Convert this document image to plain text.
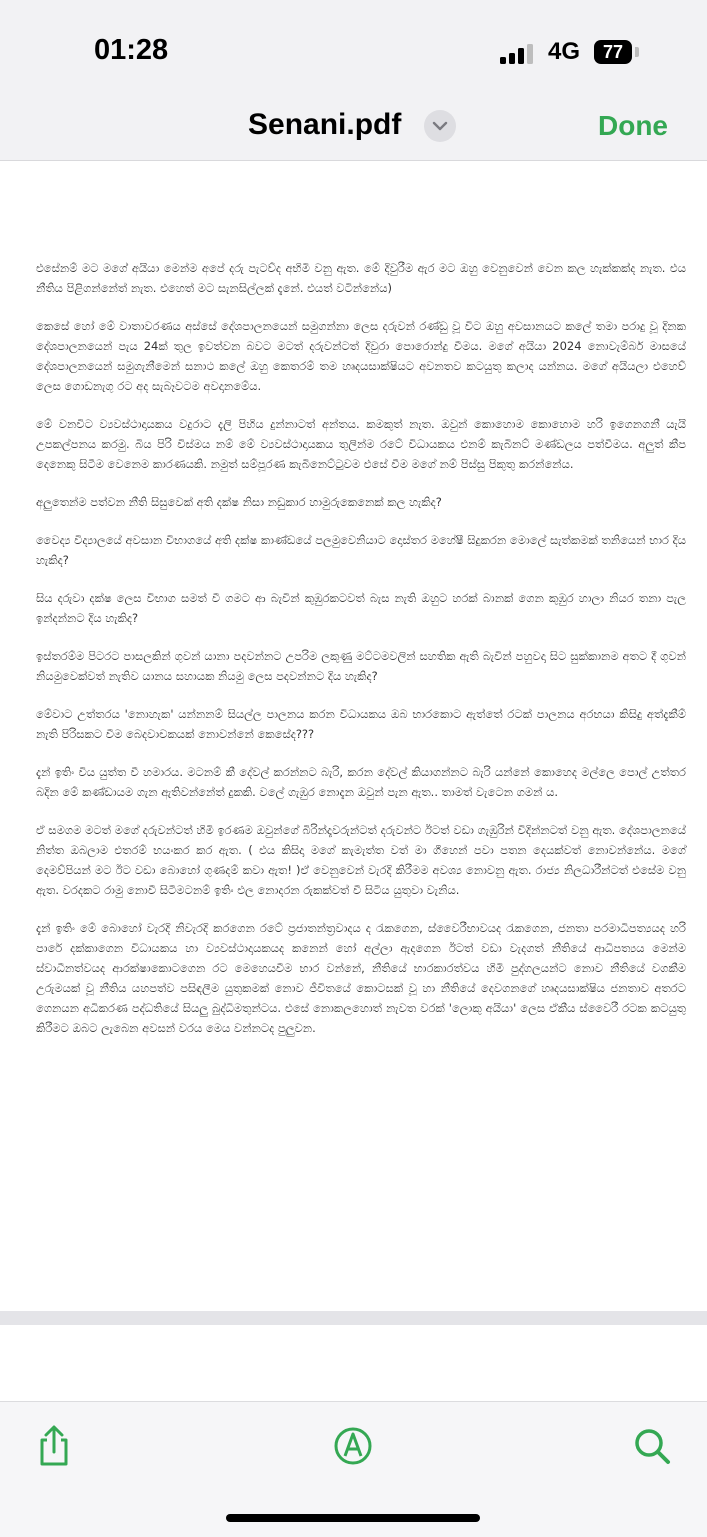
01:28	4G	77
Senani.pdf	Done

එසේනම් මට මගේ අයියා මෙන්ම අපේ දරු පැටව්ද අභිමි වනු ඇත. මේ දිවුරීම ඇර මට ඔහු වෙනුවෙන් වෙන කල හැක්කක්ද නැත. එය නීතිය පිළිගන්නේත් නැත. එහෙත් මට සැනසිල්ලක් දැනේ. එයත් වටින්නේය)

කෙසේ හෝ මේ වාතාවරණය අස්සේ දේශපාලනයෙන් සමුගන්නා ලෙස දරුවන් රණ්ඩු වූ විට ඔහු අවසානයට කලේ තමා පරාදු වූ දිනක දේශපාලනයෙන් පැය 24ක් තුල ඉවත්වන බවට මටත් දරුවන්ටත් දිවුරා පොරොන්දු වීමය. මගේ අයියා 2024 නොවැම්බර් මාසයේ දේශපාලනයෙන් සමුගැනීමෙන් සනාථ කලේ ඔහු කෙතරම් තම හෘදයසාක්ෂියට අවනතව කටයුතු කලාද යන්නය. මගේ අයියලා එහෙව් ලෙස ගොඩනැගු රට අද සැබෑවටම අවදානමේය.

මේ වනවිට ව්‍යවස්ථාදායකය වදුරාට දැලි පිහිය දුන්නාටත් අන්තය. කමකුත් නැත. ඔවුන් කොහොම කොහොම හරි ඉගෙනගනී යැයි උපකල්පනය කරමු. බිය පිරි විස්මය නම් මේ ව්‍යවස්ථාදායකය තුලින්ම රටේ විධායකය එනම් කැබිනට් මණ්ඩලය පත්වීමය. අලුත් කීප දෙනෙකු සිටීම වෙනෙම කාරණයකි. නමුත් සම්පූරණ කැබිනෙට්ටුවම එසේ වීම මගේ නම් පිස්සු පිකුතු කරන්නේය.

අලුතෙන්ම පත්වන නීති සිසුවෙක් අති දක්ෂ නිසා නඩුකාර හාමුරුකෙනෙක් කල හැකිද?

වෛද්‍ය විද්‍යාලයේ අවසාන විභාගයේ අති දක්ෂ කාණ්ඩයේ පලමුවෙනියාට දොස්තර මහේෂී සිදුකරන මොලේ සැත්කමක් තනියෙන් භාර දිය හැකිද?

සිය දරුවා දක්ෂ ලෙස විභාග සමත් වී ගමට ආ බැවින් කුඹුරකටවත් බැස නැති ඔහුට හරක් බානක් ගෙන කුඹුර හාලා නියර තනා පැල ඉන්දන්නට දිය හැකිද?

ඉස්තරම්ම පිටරට පාසලකින් ගුවන් යානා පදවන්නට උපරිම ලකුණු මට්ටමවලින් සහතික ඇති බැවින් පහුවදා සිට සුක්කානම අතට දී ගුවන් නියමුවෙක්වත් නැතිව යානය සහායක නියමු ලෙස පදවන්නට දිය හැකිද?

මේවාට උත්තරය 'නොහැක' යන්නනම් සියල්ල පාලනය කරන විධායකය ඔබ භාරකොට ඇත්තේ රටක් පාලනය අරභයා කිසිදු අත්දැකීම් නැති පිරිසකට වීම බෙදවාචකයක් නොවන්නේ කෙසේද???

දැන් ඉතිං විය යුත්ත වී හමාරය. මටනම් කී දේවල් කරන්නට බැරි, කරන දේවල් කියාගන්නට බැරි යන්නේ කොහෙද මල්ලෙ පොල් උත්තර බදින මේ කණ්ඩායම ගැන ඇතිවන්නේත් දුකකි. වලේ ගැඹුර නොදැන ඔවුන් පැන ඇත.. තාමත් වැටෙන ගමන් ය.

ඒ සමගම මටත් මගේ දරුවන්ටත් හිමි ඉරණම ඔවුන්ගේ බිරින්දෑවරුන්ටත් දරුවන්ට ඊටත් වඩා ගැඹුරින් විදින්නටත් වනු ඇත. දේශපාලනයේ නිත්ත ඔබලාම එතරම් භයංකර කර ඇත. ( එය කිසිදා මගේ කැමැත්ත වත් මා ගීහෙන් පවා පතන දෙයක්වත් නොවන්නේය. මගේ දෙමව්පියන් මට ඊට වඩා බොහෝ ගුණදම් කවා ඇත! )ඒ වෙනුවෙන් වැරදි කිරීමම අවශ්‍ය නොවනු ඇත. රාජ්‍ය නිලධාරීන්ටත් එසේම වනු ඇත. වරදකට රාමු නොවී සිටීමටනම් ඉතිං එල නොදරන රුකක්වත් වී සිටිය යුතුවා වැනිය.

දැන් ඉතිං මේ බොහෝ වැරදි නිවැරදි කරගෙන රටේ ප්‍රජාතන්ත්‍රවාදය ද රැකගෙන, ස්වෛරීභාවයද රැකගෙන, ජනතා පරමාධිපත්‍යයද හරි පාරේ දක්කාගෙන විධායකය හා ව්‍යවස්ථාදායකයද කනෙන් හෝ අල්ලා ඇදගෙන ඊටත් වඩා වැදගත් නීතියේ ආධිපත්‍යය මෙන්ම ස්වාධීනත්වයද ආරක්ෂාකොටගෙන රට මෙහෙයවීම භාර වන්නේ, නීතියේ භාරකාරත්වය හිමි පුද්ගලයන්ට නොව නීතියේ වගකීම උරුමයක් වූ නීතිය යහපත්ව පසිඳලීම යුතුකමක් නොව ජීවිතයේ කොටසක් වූ හා නීතියේ දෙවගනගේ හෘදයසාක්ෂිය ජනතාව අතරට ගෙනයන අධිකරණ පද්ධතියේ සියලු බුද්ධිමතුන්ටය. එසේ නොකලහොත් නැවත වරක් 'ලොකු අයියා' ලෙස ඒකීය ස්වෛරී රටක කටයුතු කිරීමට ඔබට ලැබෙන අවසන් වරය මෙය වන්නටද පුලුවන.
